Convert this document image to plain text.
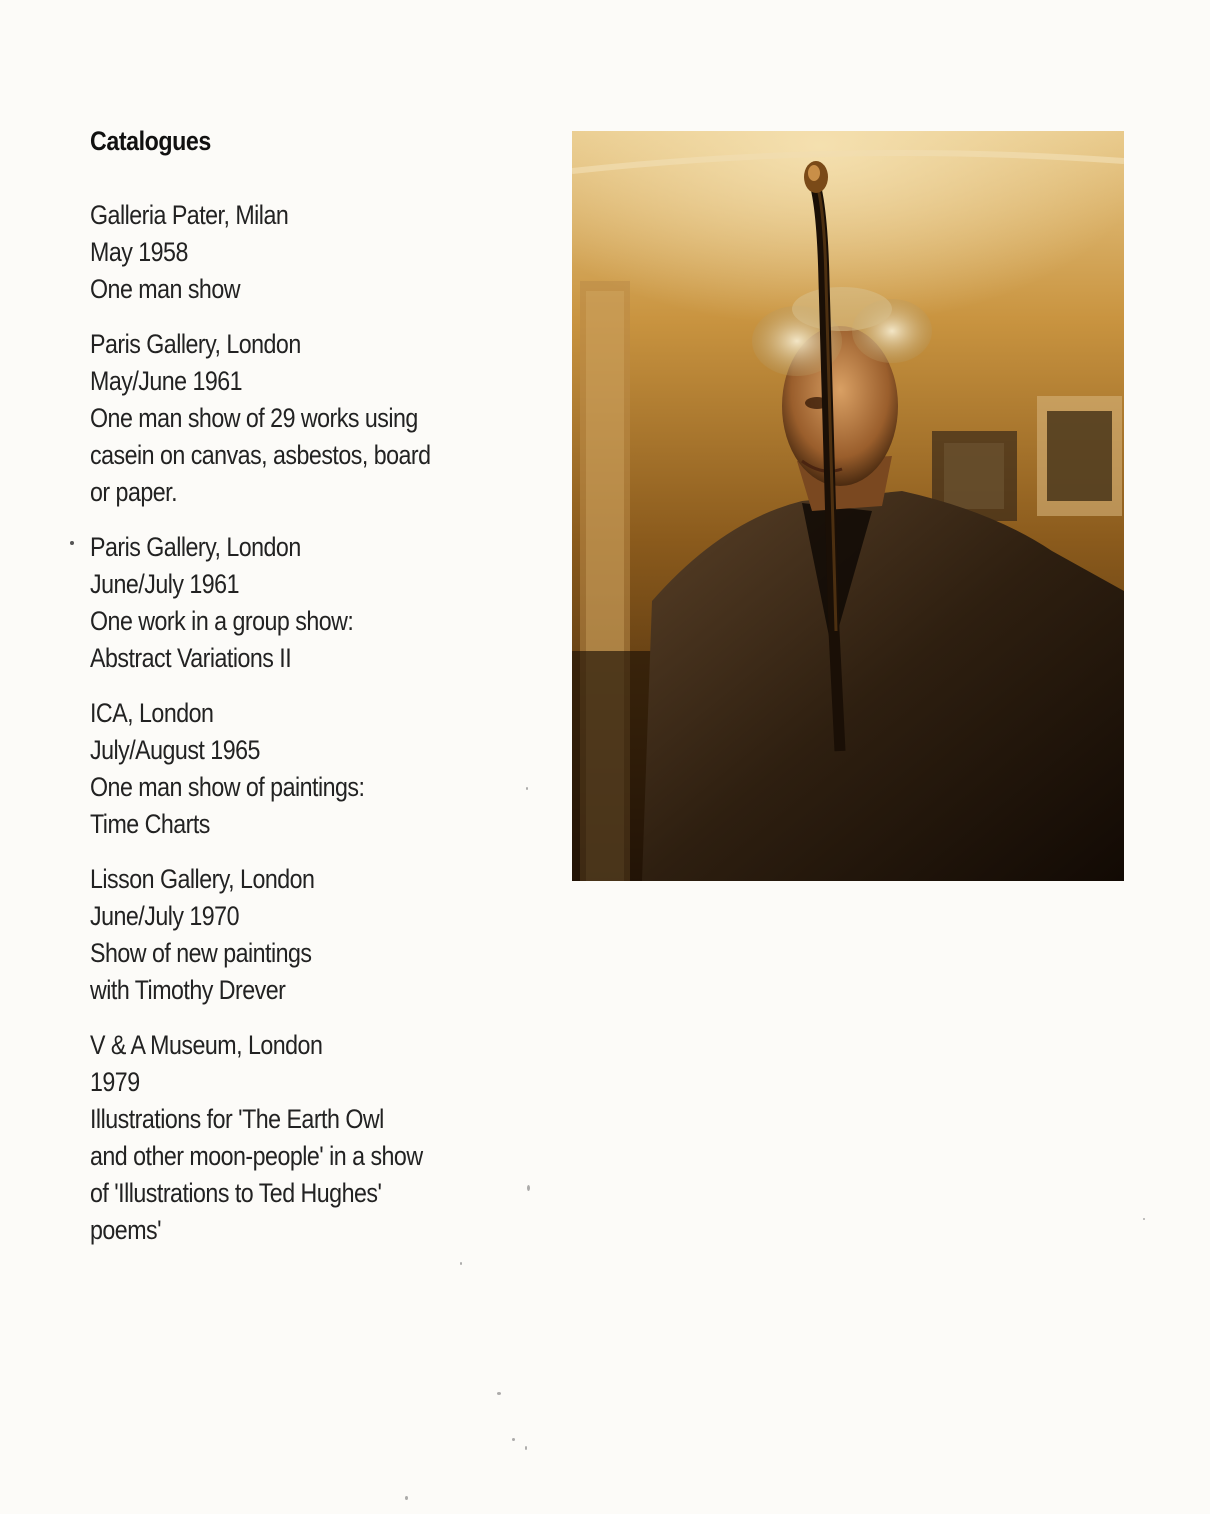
Catalogues
Galleria Pater, Milan
May 1958
One man show
Paris Gallery, London
May/June 1961
One man show of 29 works using
casein on canvas, asbestos, board
or paper.
Paris Gallery, London
June/July 1961
One work in a group show:
Abstract Variations II
ICA, London
July/August 1965
One man show of paintings:
Time Charts
Lisson Gallery, London
June/July 1970
Show of new paintings
with Timothy Drever
V & A Museum, London
1979
Illustrations for 'The Earth Owl
and other moon-people' in a show
of 'Illustrations to Ted Hughes'
poems'
